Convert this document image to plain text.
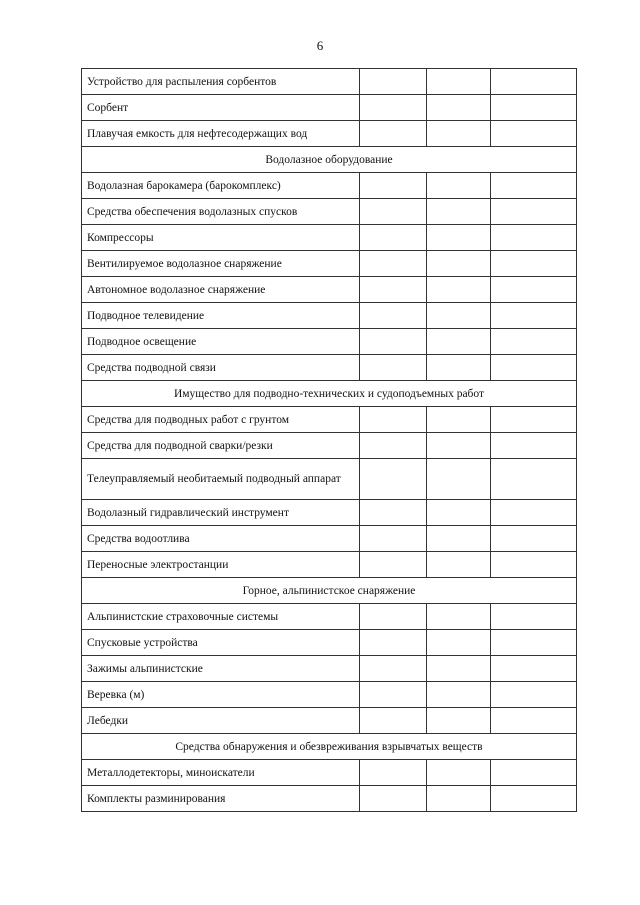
6
Устройство для распыления сорбентов			
Сорбент			
Плавучая емкость для нефтесодержащих вод			
Водолазное оборудование			
Водолазная барокамера (барокомплекс)			
Средства обеспечения водолазных спусков			
Компрессоры			
Вентилируемое водолазное снаряжение			
Автономное водолазное снаряжение			
Подводное телевидение			
Подводное освещение			
Средства подводной связи			
Имущество для подводно-технических и судоподъемных работ			
Средства для подводных работ с грунтом			
Средства для подводной сварки/резки			
Телеуправляемый необитаемый подводный аппарат			
Водолазный гидравлический инструмент			
Средства водоотлива			
Переносные электростанции			
Горное, альпинистское снаряжение			
Альпинистские страховочные системы			
Спусковые устройства			
Зажимы альпинистские			
Веревка (м)			
Лебедки			
Средства обнаружения и обезвреживания взрывчатых веществ			
Металлодетекторы, миноискатели			
Комплекты разминирования			
